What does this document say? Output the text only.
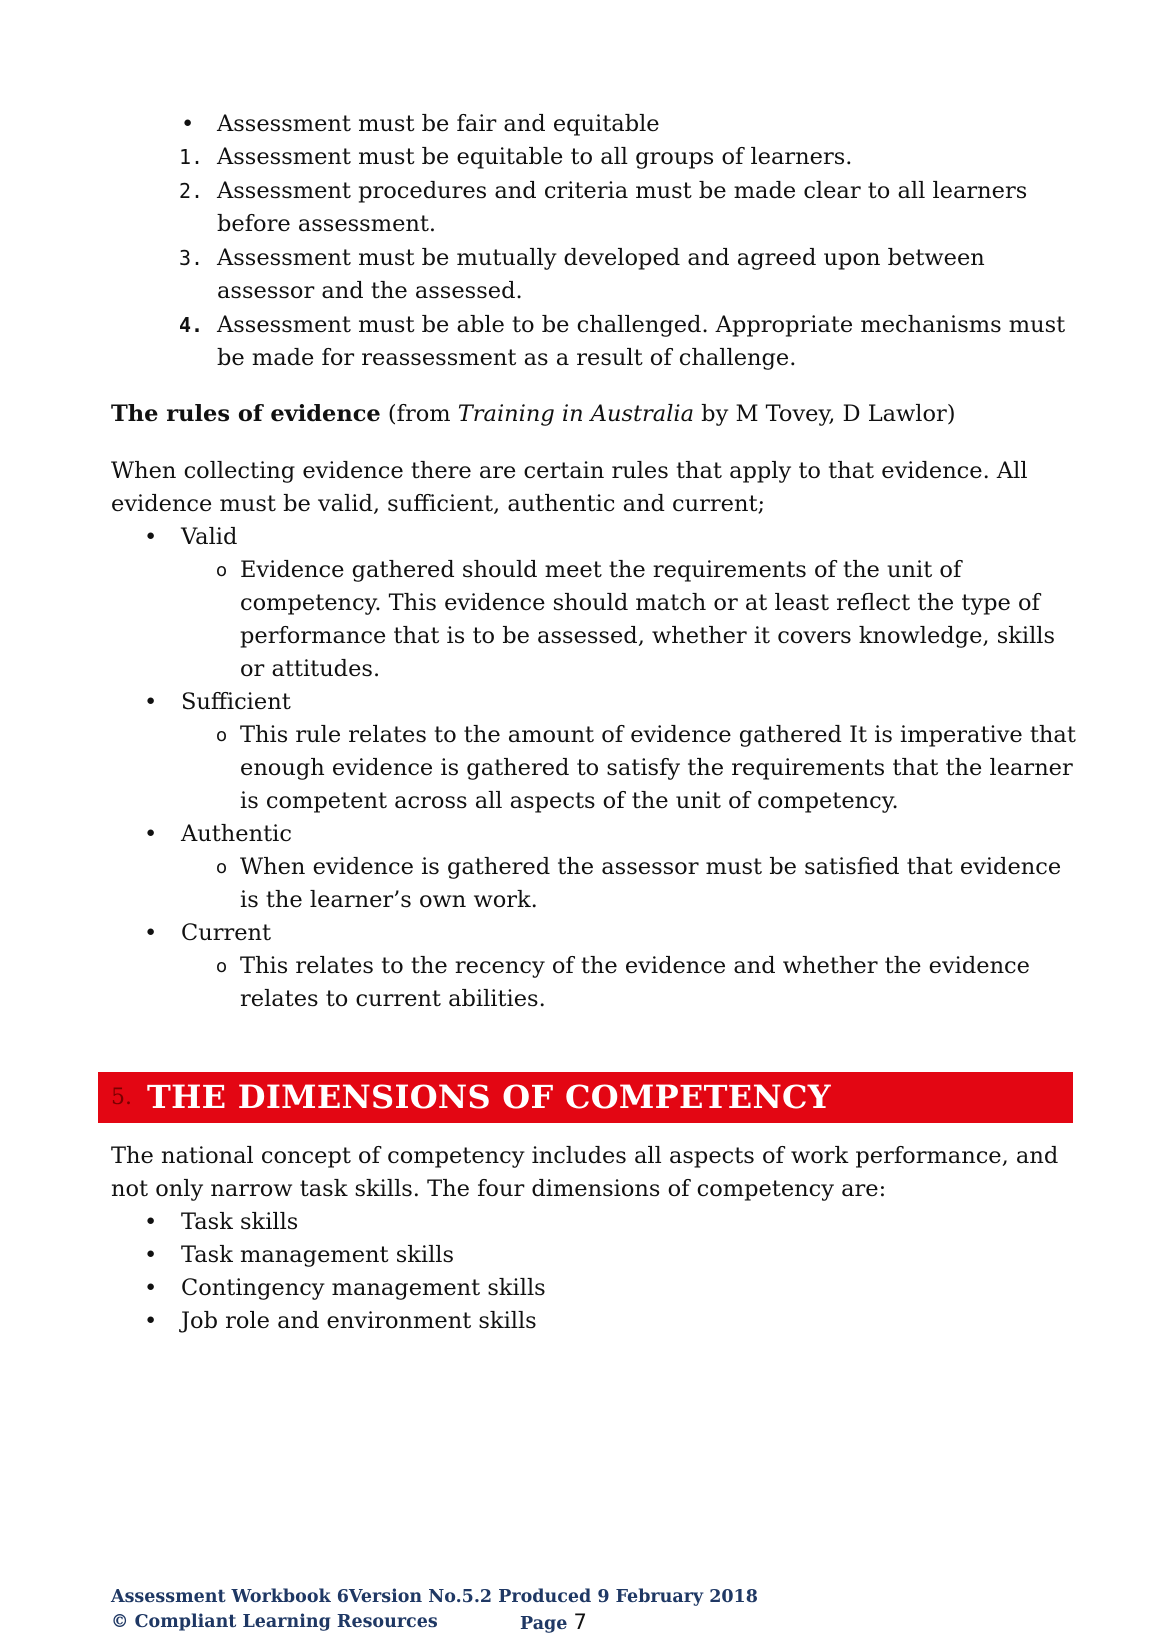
• Assessment must be fair and equitable
1. Assessment must be equitable to all groups of learners.
2. Assessment procedures and criteria must be made clear to all learners before assessment.
3. Assessment must be mutually developed and agreed upon between assessor and the assessed.
4. Assessment must be able to be challenged. Appropriate mechanisms must be made for reassessment as a result of challenge.

The rules of evidence (from Training in Australia by M Tovey, D Lawlor)

When collecting evidence there are certain rules that apply to that evidence. All evidence must be valid, sufficient, authentic and current;

• Valid
o Evidence gathered should meet the requirements of the unit of competency. This evidence should match or at least reflect the type of performance that is to be assessed, whether it covers knowledge, skills or attitudes.
• Sufficient
o This rule relates to the amount of evidence gathered It is imperative that enough evidence is gathered to satisfy the requirements that the learner is competent across all aspects of the unit of competency.
• Authentic
o When evidence is gathered the assessor must be satisfied that evidence is the learner’s own work.
• Current
o This relates to the recency of the evidence and whether the evidence relates to current abilities.
5. THE DIMENSIONS OF COMPETENCY

The national concept of competency includes all aspects of work performance, and not only narrow task skills. The four dimensions of competency are:

• Task skills
• Task management skills
• Contingency management skills
• Job role and environment skills
Assessment Workbook 6Version No.5.2 Produced 9 February 2018
© Compliant Learning Resources	Page 7
